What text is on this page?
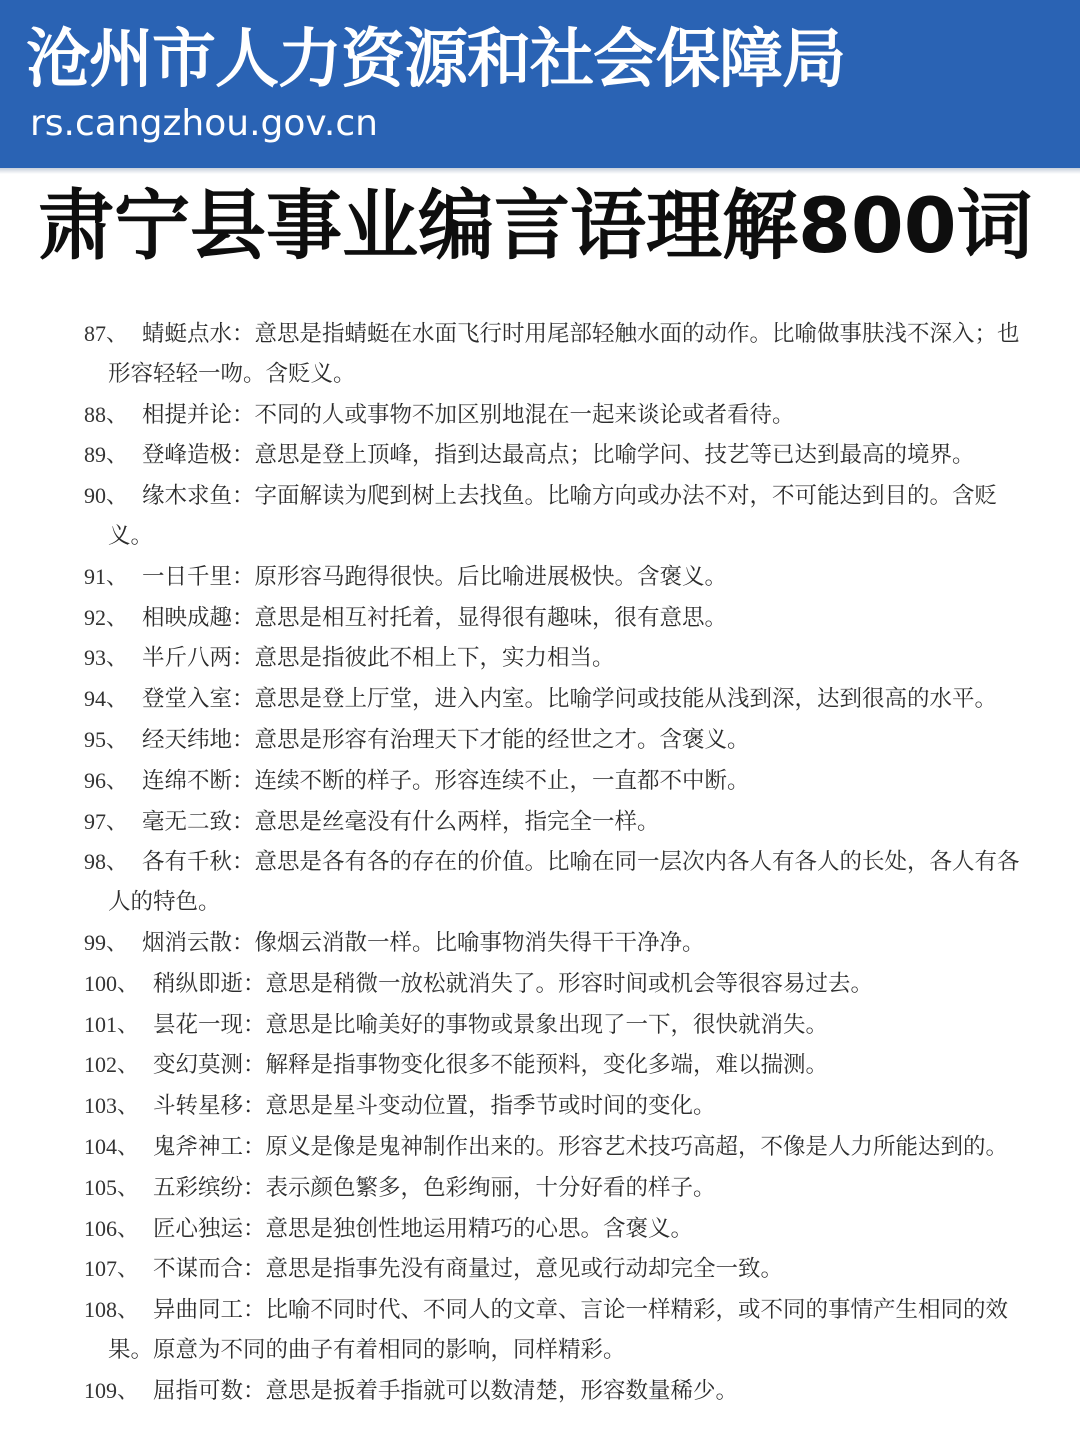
沧州市人力资源和社会保障局
rs.cangzhou.gov.cn
肃宁县事业编言语理解800词
87、 蜻蜓点水：意思是指蜻蜓在水面飞行时用尾部轻触水面的动作。比喻做事肤浅不深入；也形容轻轻一吻。含贬义。
88、 相提并论：不同的人或事物不加区别地混在一起来谈论或者看待。
89、 登峰造极：意思是登上顶峰，指到达最高点；比喻学问、技艺等已达到最高的境界。
90、 缘木求鱼：字面解读为爬到树上去找鱼。比喻方向或办法不对，不可能达到目的。含贬义。
91、 一日千里：原形容马跑得很快。后比喻进展极快。含褒义。
92、 相映成趣：意思是相互衬托着，显得很有趣味，很有意思。
93、 半斤八两：意思是指彼此不相上下，实力相当。
94、 登堂入室：意思是登上厅堂，进入内室。比喻学问或技能从浅到深，达到很高的水平。
95、 经天纬地：意思是形容有治理天下才能的经世之才。含褒义。
96、 连绵不断：连续不断的样子。形容连续不止，一直都不中断。
97、 毫无二致：意思是丝毫没有什么两样，指完全一样。
98、 各有千秋：意思是各有各的存在的价值。比喻在同一层次内各人有各人的长处，各人有各人的特色。
99、 烟消云散：像烟云消散一样。比喻事物消失得干干净净。
100、 稍纵即逝：意思是稍微一放松就消失了。形容时间或机会等很容易过去。
101、 昙花一现：意思是比喻美好的事物或景象出现了一下，很快就消失。
102、 变幻莫测：解释是指事物变化很多不能预料，变化多端，难以揣测。
103、 斗转星移：意思是星斗变动位置，指季节或时间的变化。
104、 鬼斧神工：原义是像是鬼神制作出来的。形容艺术技巧高超，不像是人力所能达到的。
105、 五彩缤纷：表示颜色繁多，色彩绚丽，十分好看的样子。
106、 匠心独运：意思是独创性地运用精巧的心思。含褒义。
107、 不谋而合：意思是指事先没有商量过，意见或行动却完全一致。
108、 异曲同工：比喻不同时代、不同人的文章、言论一样精彩，或不同的事情产生相同的效果。原意为不同的曲子有着相同的影响，同样精彩。
109、 屈指可数：意思是扳着手指就可以数清楚，形容数量稀少。
